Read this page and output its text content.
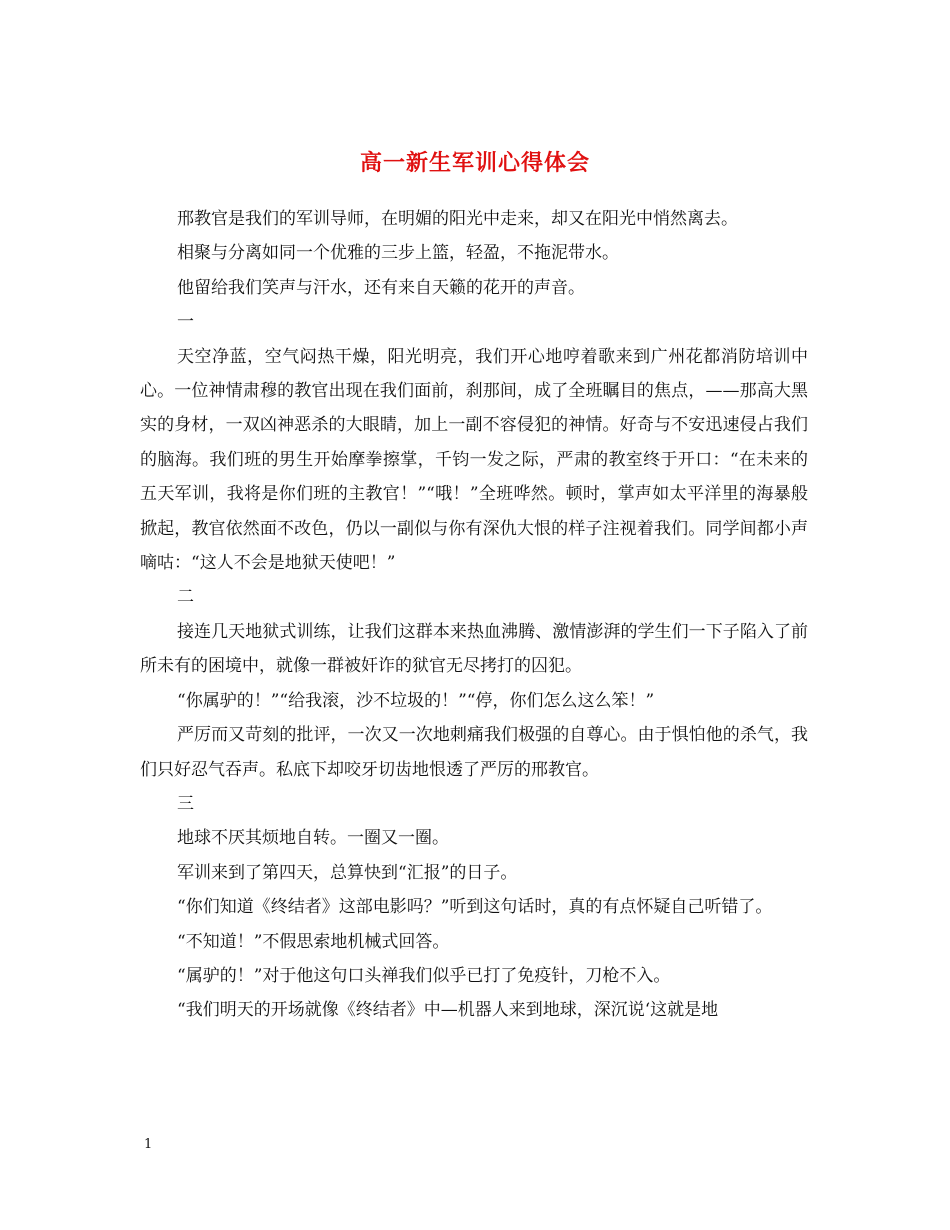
高一新生军训心得体会

邢教官是我们的军训导师，在明媚的阳光中走来，却又在阳光中悄然离去。

相聚与分离如同一个优雅的三步上篮，轻盈，不拖泥带水。

他留给我们笑声与汗水，还有来自天籁的花开的声音。

一

天空净蓝，空气闷热干燥，阳光明亮，我们开心地哼着歌来到广州花都消防培训中心。一位神情肃穆的教官出现在我们面前，刹那间，成了全班瞩目的焦点，——那高大黑实的身材，一双凶神恶杀的大眼睛，加上一副不容侵犯的神情。好奇与不安迅速侵占我们的脑海。我们班的男生开始摩拳擦掌，千钧一发之际，严肃的教室终于开口：“在未来的五天军训，我将是你们班的主教官！”“哦！”全班哗然。顿时，掌声如太平洋里的海暴般掀起，教官依然面不改色，仍以一副似与你有深仇大恨的样子注视着我们。同学间都小声嘀咕：“这人不会是地狱天使吧！”

二

接连几天地狱式训练，让我们这群本来热血沸腾、激情澎湃的学生们一下子陷入了前所未有的困境中，就像一群被奸诈的狱官无尽拷打的囚犯。

“你属驴的！”“给我滚，沙不垃圾的！”“停，你们怎么这么笨！”

严厉而又苛刻的批评，一次又一次地刺痛我们极强的自尊心。由于惧怕他的杀气，我们只好忍气吞声。私底下却咬牙切齿地恨透了严厉的邢教官。

三

地球不厌其烦地自转。一圈又一圈。

军训来到了第四天，总算快到“汇报”的日子。

“你们知道《终结者》这部电影吗？”听到这句话时，真的有点怀疑自己听错了。

“不知道！”不假思索地机械式回答。

“属驴的！”对于他这句口头禅我们似乎已打了免疫针，刀枪不入。

“我们明天的开场就像《终结者》中—机器人来到地球，深沉说‘这就是地

1
